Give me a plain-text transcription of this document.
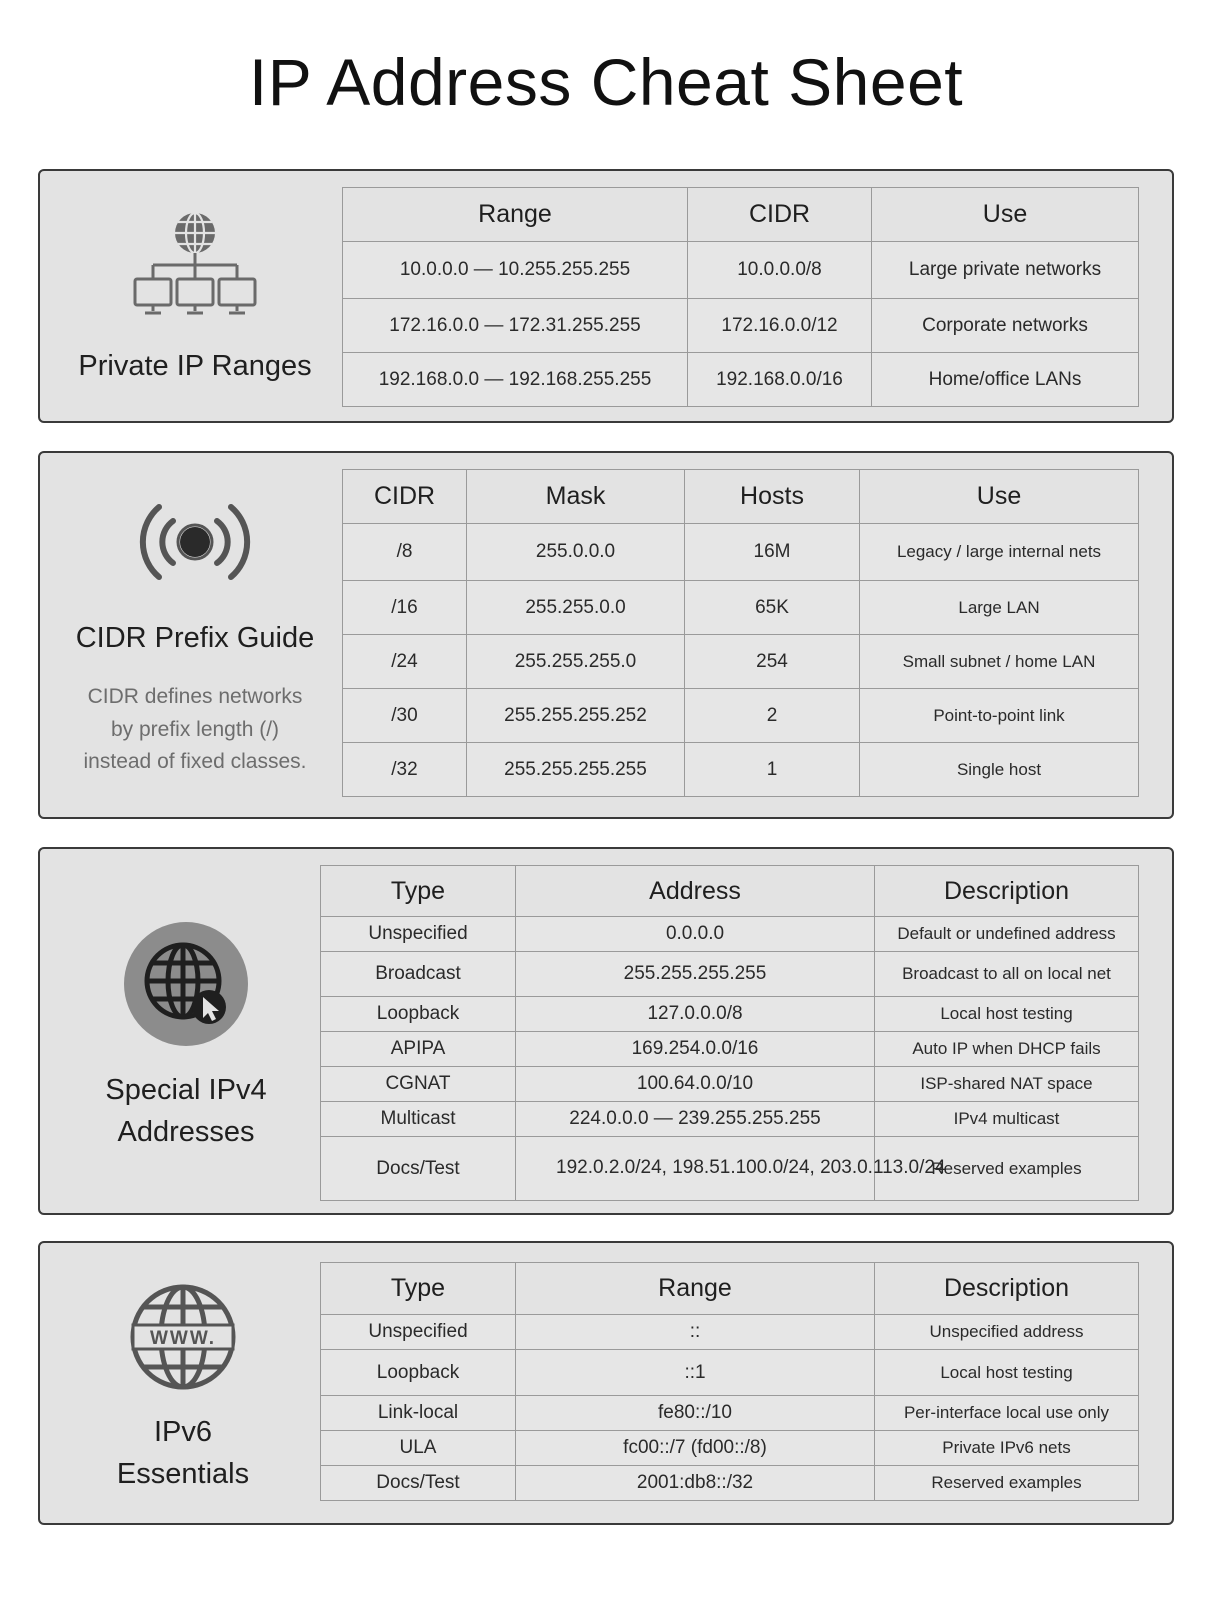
IP Address Cheat Sheet
Private IP Ranges
Range	CIDR	Use
10.0.0.0 — 10.255.255.255	10.0.0.0/8	Large private networks
172.16.0.0 — 172.31.255.255	172.16.0.0/12	Corporate networks
192.168.0.0 — 192.168.255.255	192.168.0.0/16	Home/office LANs
CIDR Prefix Guide
CIDR defines networks
by prefix length (/)
instead of fixed classes.
CIDR	Mask	Hosts	Use
/8	255.0.0.0	16M	Legacy / large internal nets
/16	255.255.0.0	65K	Large LAN
/24	255.255.255.0	254	Small subnet / home LAN
/30	255.255.255.252	2	Point-to-point link
/32	255.255.255.255	1	Single host
Special IPv4
Addresses
Type	Address	Description
Unspecified	0.0.0.0	Default or undefined address
Broadcast	255.255.255.255	Broadcast to all on local net
Loopback	127.0.0.0/8	Local host testing
APIPA	169.254.0.0/16	Auto IP when DHCP fails
CGNAT	100.64.0.0/10	ISP-shared NAT space
Multicast	224.0.0.0 — 239.255.255.255	IPv4 multicast
Docs/Test	192.0.2.0/24, 198.51.100.0/24, 203.0.113.0/24	Reserved examples
WWW.
IPv6
Essentials
Type	Range	Description
Unspecified	::	Unspecified address
Loopback	::1	Local host testing
Link-local	fe80::/10	Per-interface local use only
ULA	fc00::/7 (fd00::/8)	Private IPv6 nets
Docs/Test	2001:db8::/32	Reserved examples
